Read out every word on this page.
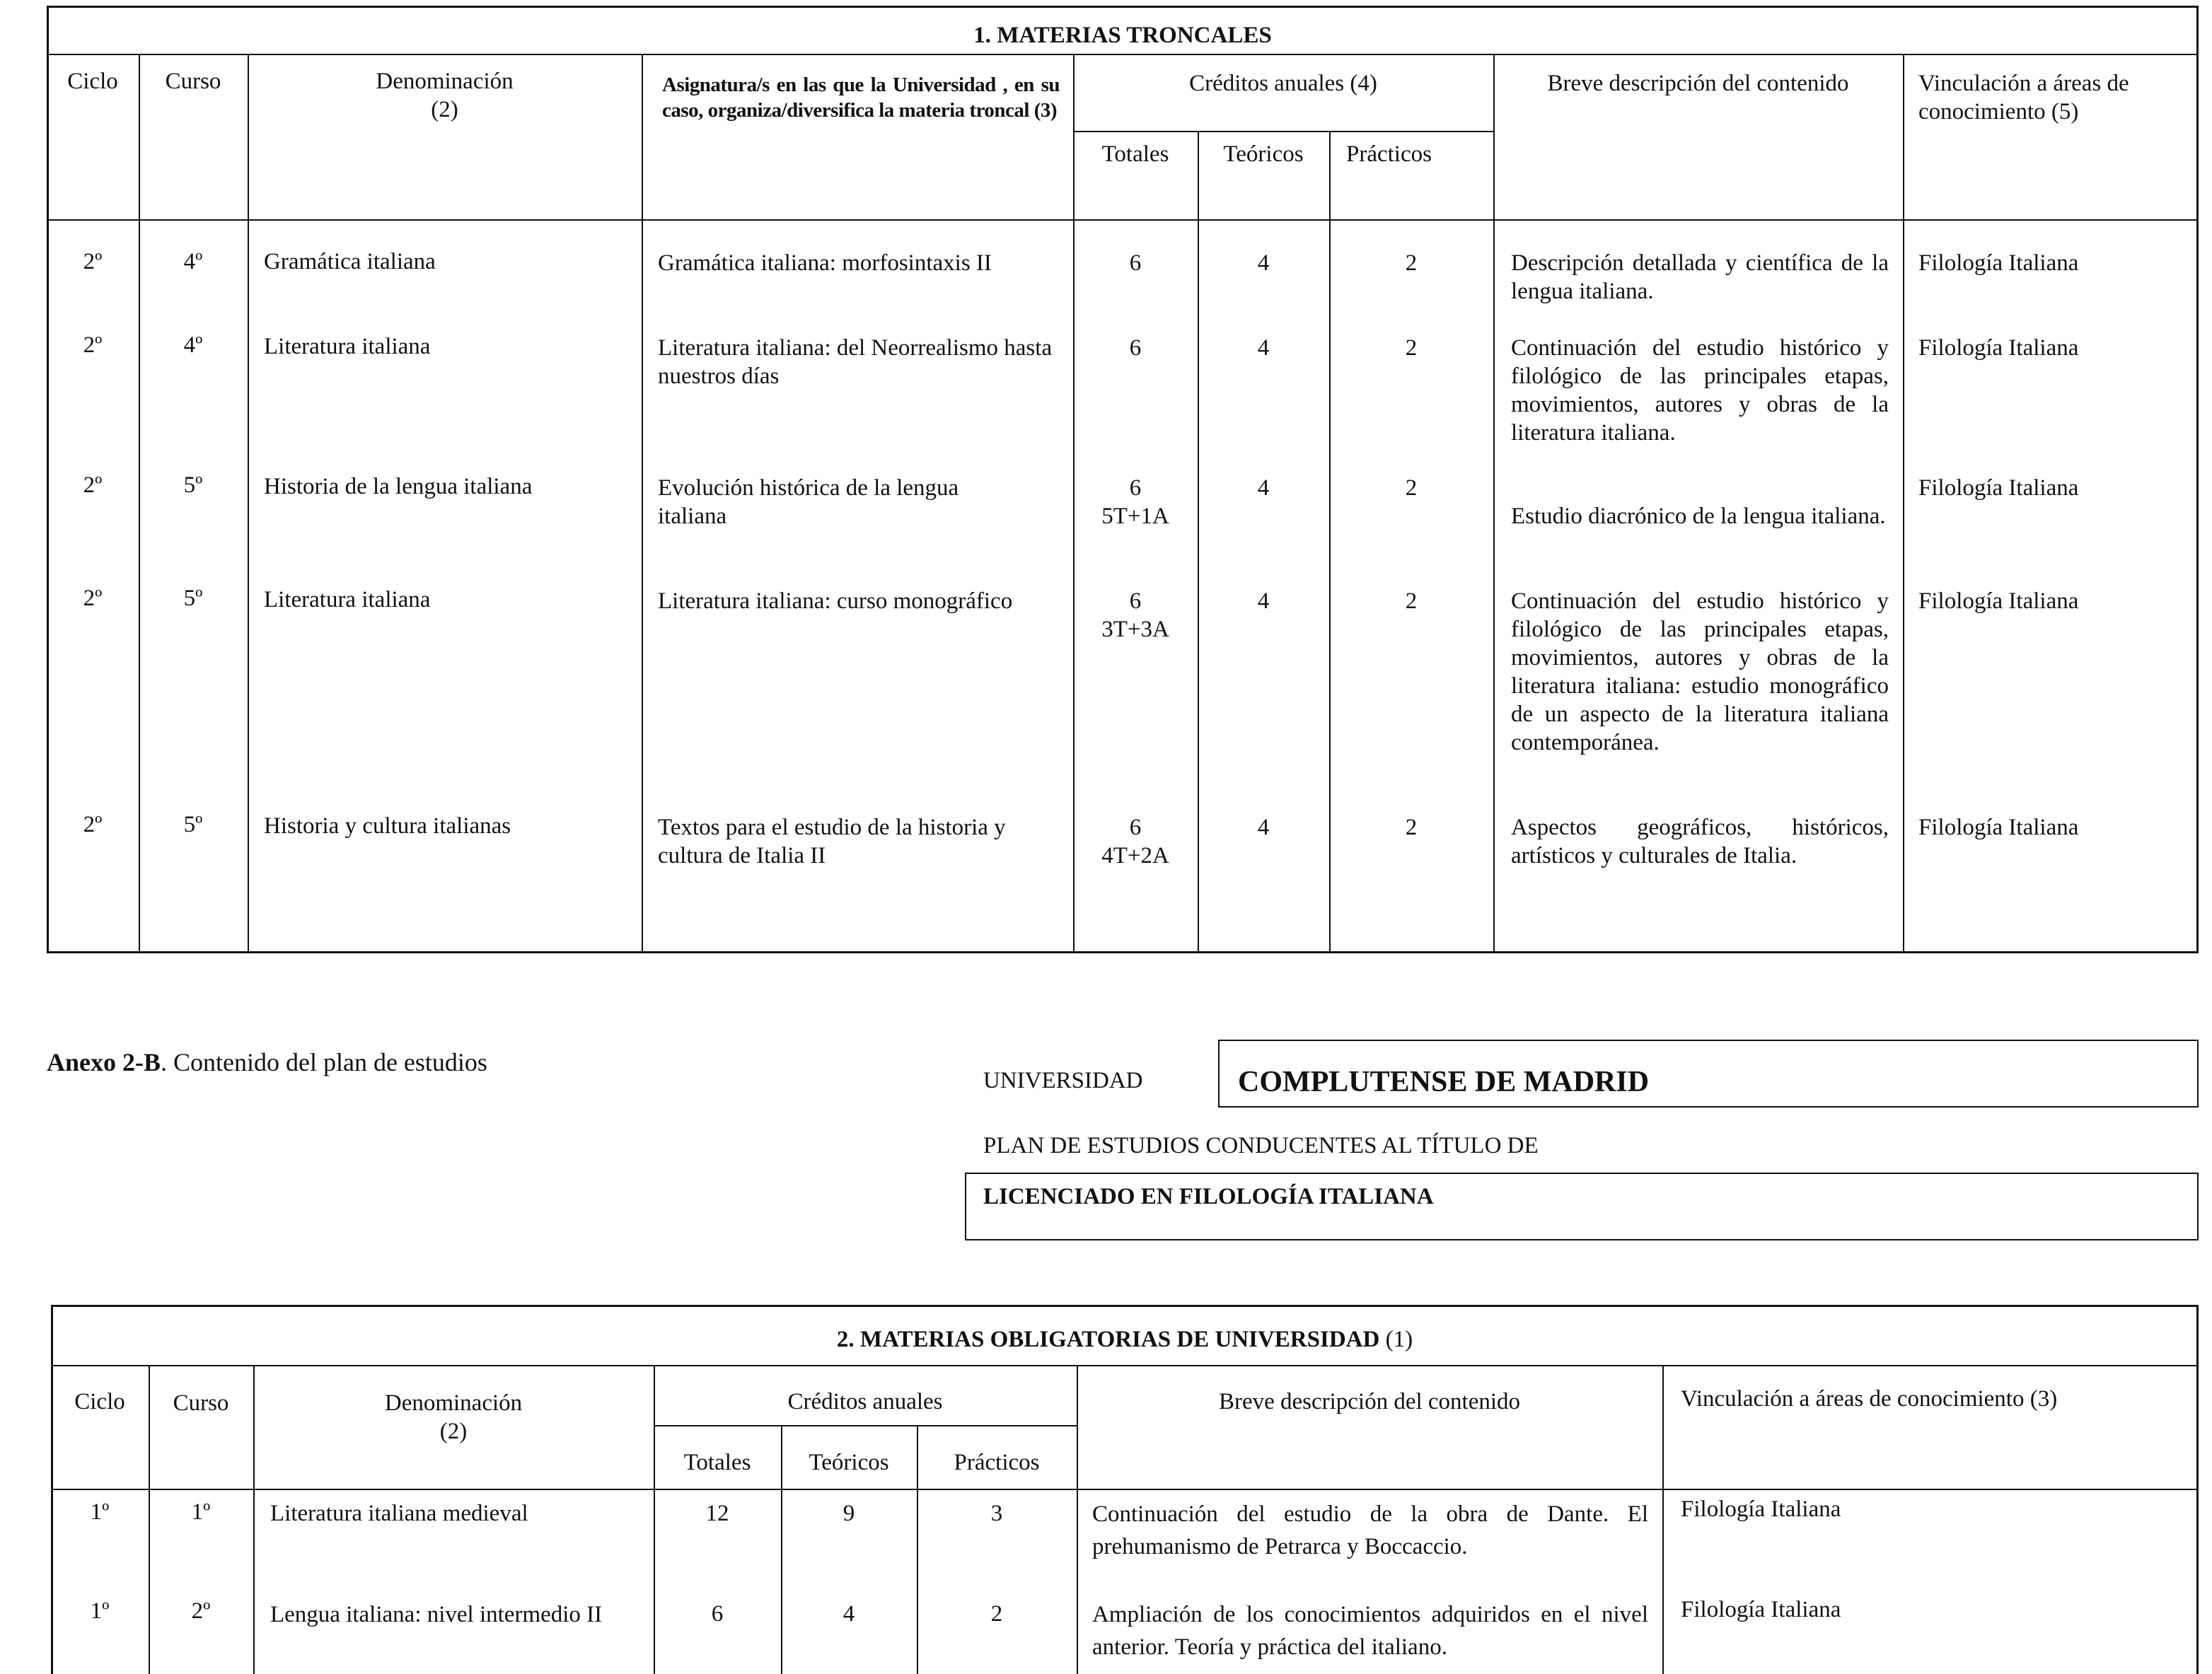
1. MATERIAS TRONCALES
Ciclo	Curso	Denominación
(2)
Asignatura/s en las que la Universidad , en su caso, organiza/diversifica la materia troncal (3)
Créditos anuales (4)
Totales	Teóricos	Prácticos
Breve descripción del contenido	Vinculación a áreas de conocimiento (5)
2º	4º	Gramática italiana	Gramática italiana: morfosintaxis II	6	4	2	Descripción detallada y científica de la lengua italiana.
Filología Italiana
2º	4º	Literatura italiana	Literatura italiana: del Neorrealismo hasta nuestros días
6	4	2	Continuación del estudio histórico y filológico de las principales etapas, movimientos, autores y obras de la literatura italiana.
Filología Italiana
2º	5º	Historia de la lengua italiana	Evolución histórica de la lengua italiana
6
5T+1A
4	2
Estudio diacrónico de la lengua italiana.
Filología Italiana
2º	5º	Literatura italiana	Literatura italiana: curso monográfico	6
3T+3A
4	2	Continuación del estudio histórico y filológico de las principales etapas, movimientos, autores y obras de la literatura italiana: estudio monográfico de un aspecto de la literatura italiana contemporánea.
Filología Italiana
2º	5º	Historia y cultura italianas	Textos para el estudio de la historia y cultura de Italia II
6
4T+2A
4	2	Aspectos geográficos, históricos, artísticos y culturales de Italia.
Filología Italiana
Anexo 2-B. Contenido del plan de estudios
UNIVERSIDAD	COMPLUTENSE DE MADRID
PLAN DE ESTUDIOS CONDUCENTES AL TÍTULO DE
LICENCIADO EN FILOLOGÍA ITALIANA
2. MATERIAS OBLIGATORIAS DE UNIVERSIDAD (1)
Ciclo	Curso	Denominación
(2)
Créditos anuales
Totales	Teóricos	Prácticos
Breve descripción del contenido	Vinculación a áreas de conocimiento (3)
1º	1º	Literatura italiana medieval	12	9	3	Continuación del estudio de la obra de Dante. El prehumanismo de Petrarca y Boccaccio.
Filología Italiana
1º	2º	Lengua italiana: nivel intermedio II	6	4	2	Ampliación de los conocimientos adquiridos en el nivel anterior. Teoría y práctica del italiano.
Filología Italiana
